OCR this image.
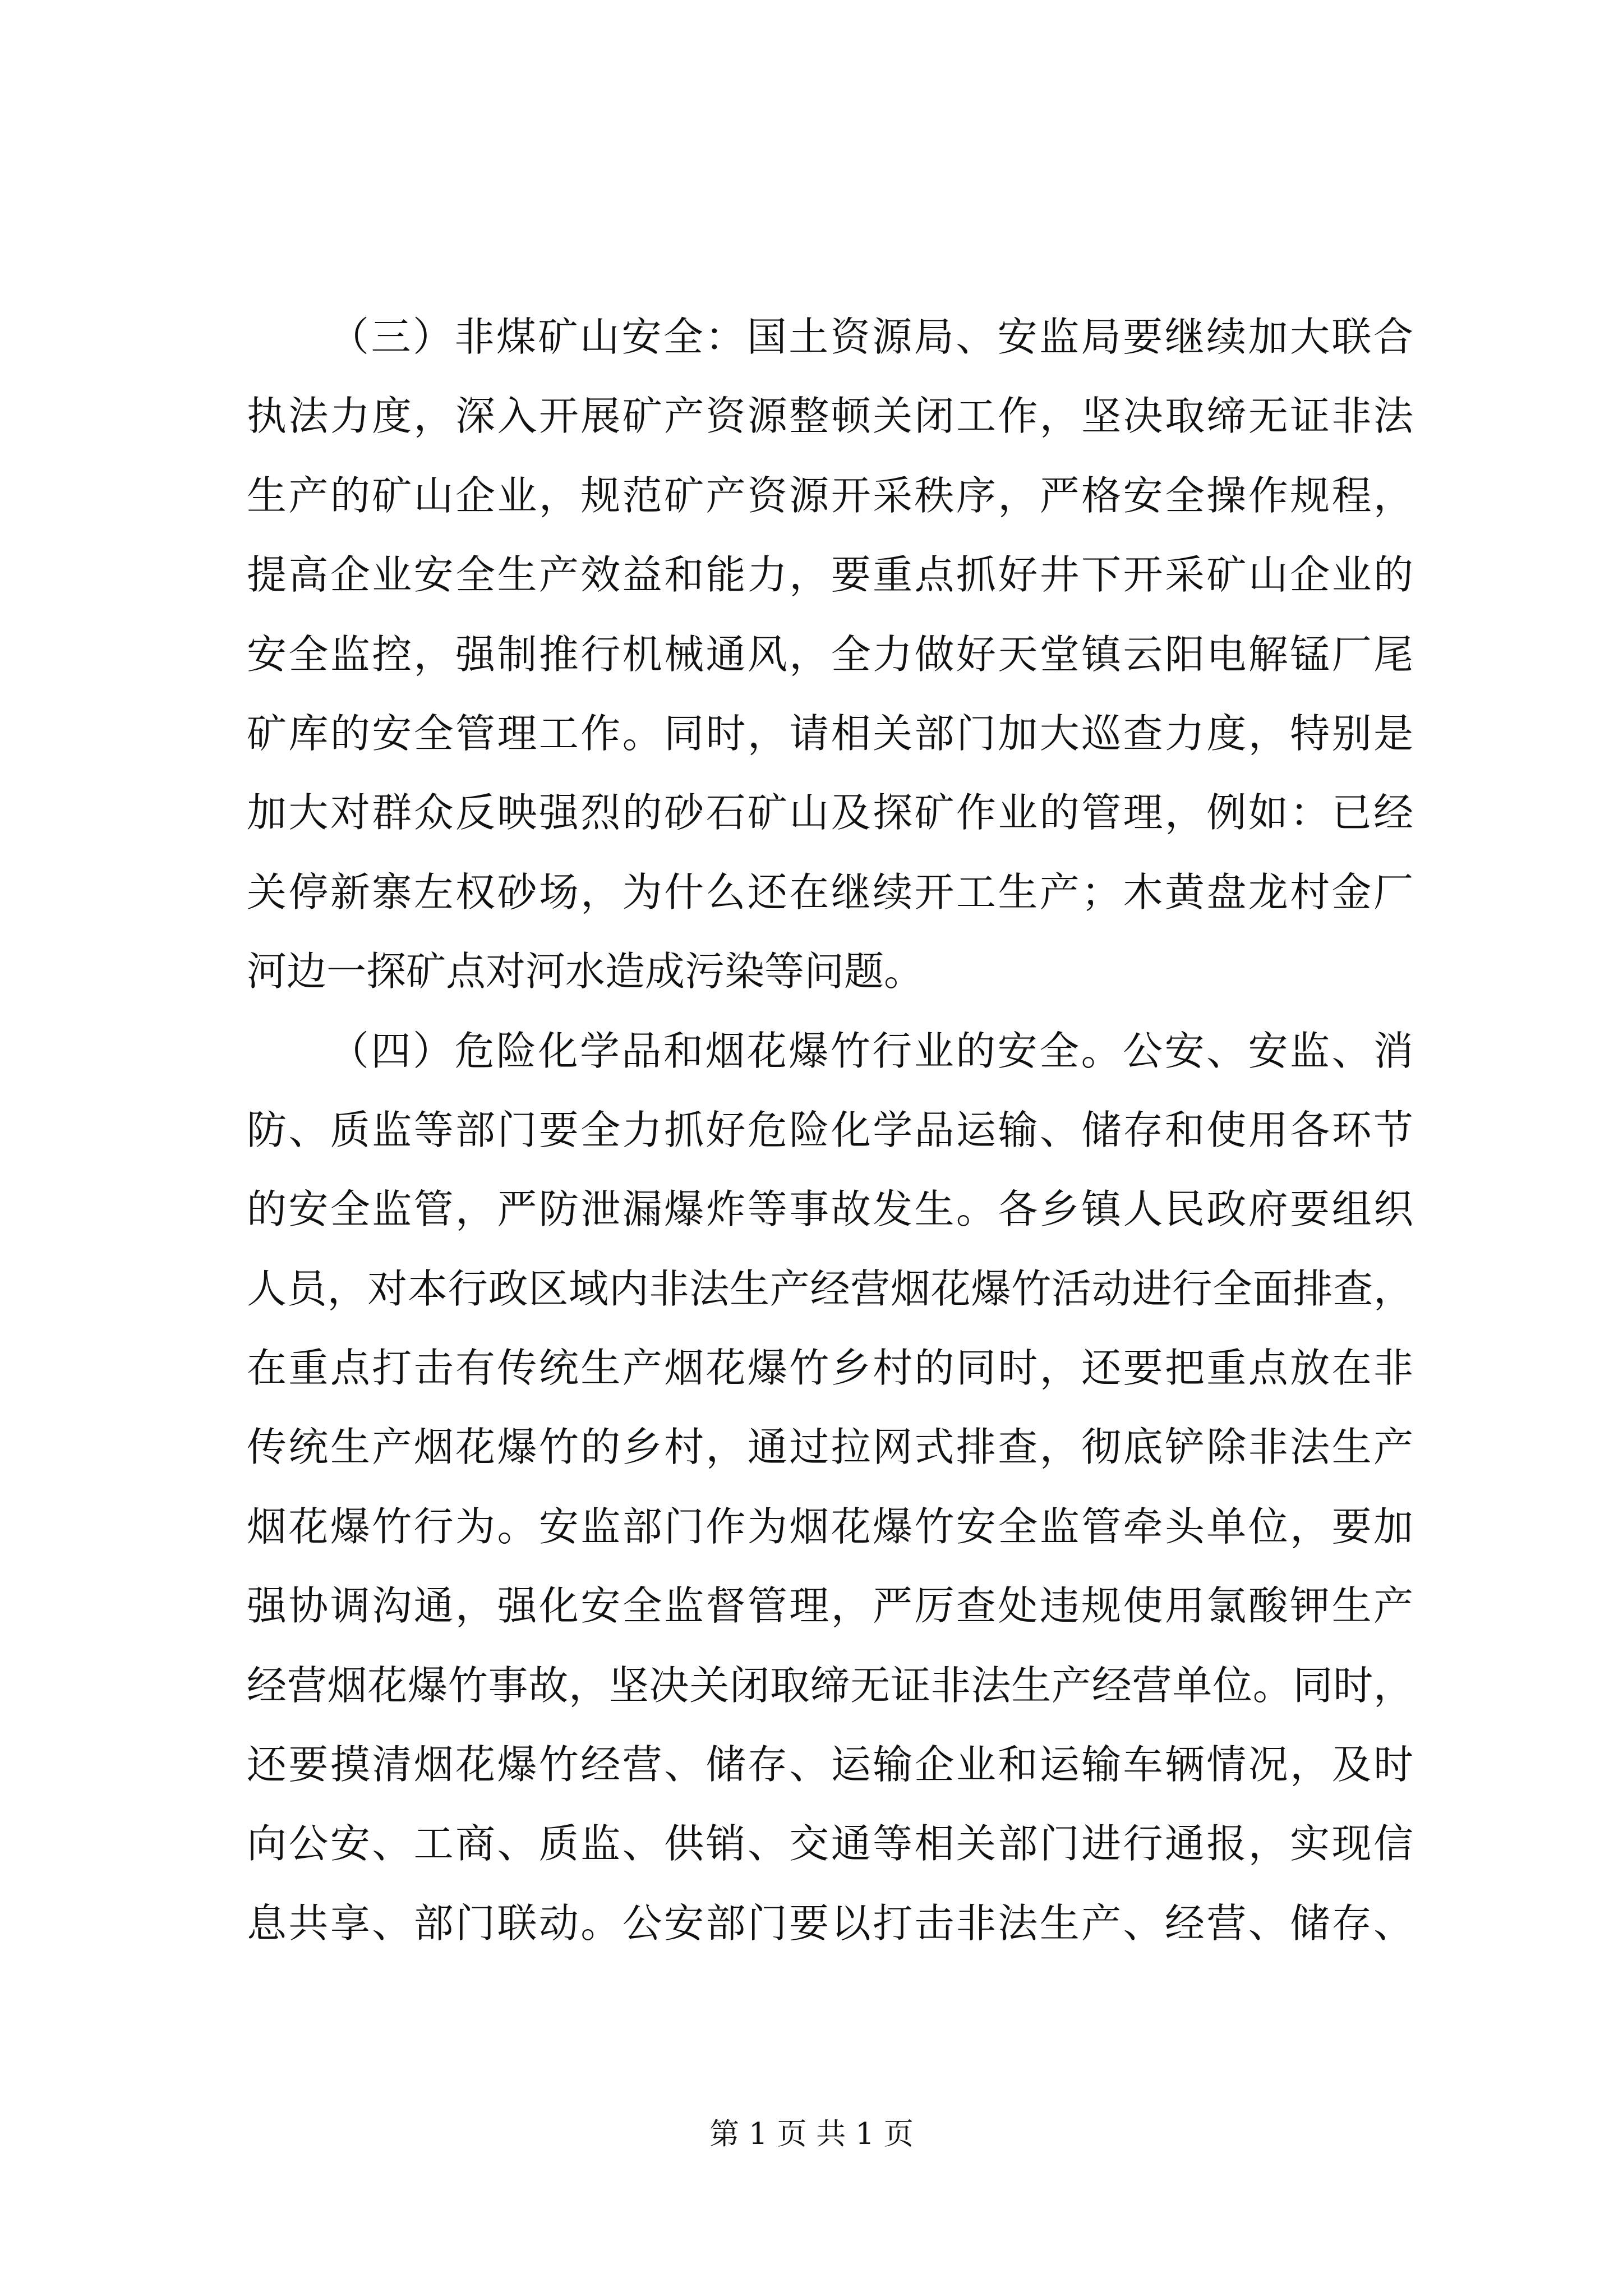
（三）非煤矿山安全：国土资源局、安监局要继续加大联合
执法力度，深入开展矿产资源整顿关闭工作，坚决取缔无证非法
生产的矿山企业，规范矿产资源开采秩序，严格安全操作规程，
提高企业安全生产效益和能力，要重点抓好井下开采矿山企业的
安全监控，强制推行机械通风，全力做好天堂镇云阳电解锰厂尾
矿库的安全管理工作。同时，请相关部门加大巡查力度，特别是
加大对群众反映强烈的砂石矿山及探矿作业的管理，例如：已经
关停新寨左权砂场，为什么还在继续开工生产；木黄盘龙村金厂
河边一探矿点对河水造成污染等问题。
（四）危险化学品和烟花爆竹行业的安全。公安、安监、消
防、质监等部门要全力抓好危险化学品运输、储存和使用各环节
的安全监管，严防泄漏爆炸等事故发生。各乡镇人民政府要组织
人员，对本行政区域内非法生产经营烟花爆竹活动进行全面排查，
在重点打击有传统生产烟花爆竹乡村的同时，还要把重点放在非
传统生产烟花爆竹的乡村，通过拉网式排查，彻底铲除非法生产
烟花爆竹行为。安监部门作为烟花爆竹安全监管牵头单位，要加
强协调沟通，强化安全监督管理，严厉查处违规使用氯酸钾生产
经营烟花爆竹事故，坚决关闭取缔无证非法生产经营单位。同时，
还要摸清烟花爆竹经营、储存、运输企业和运输车辆情况，及时
向公安、工商、质监、供销、交通等相关部门进行通报，实现信
息共享、部门联动。公安部门要以打击非法生产、经营、储存、
第 1 页 共 1 页
